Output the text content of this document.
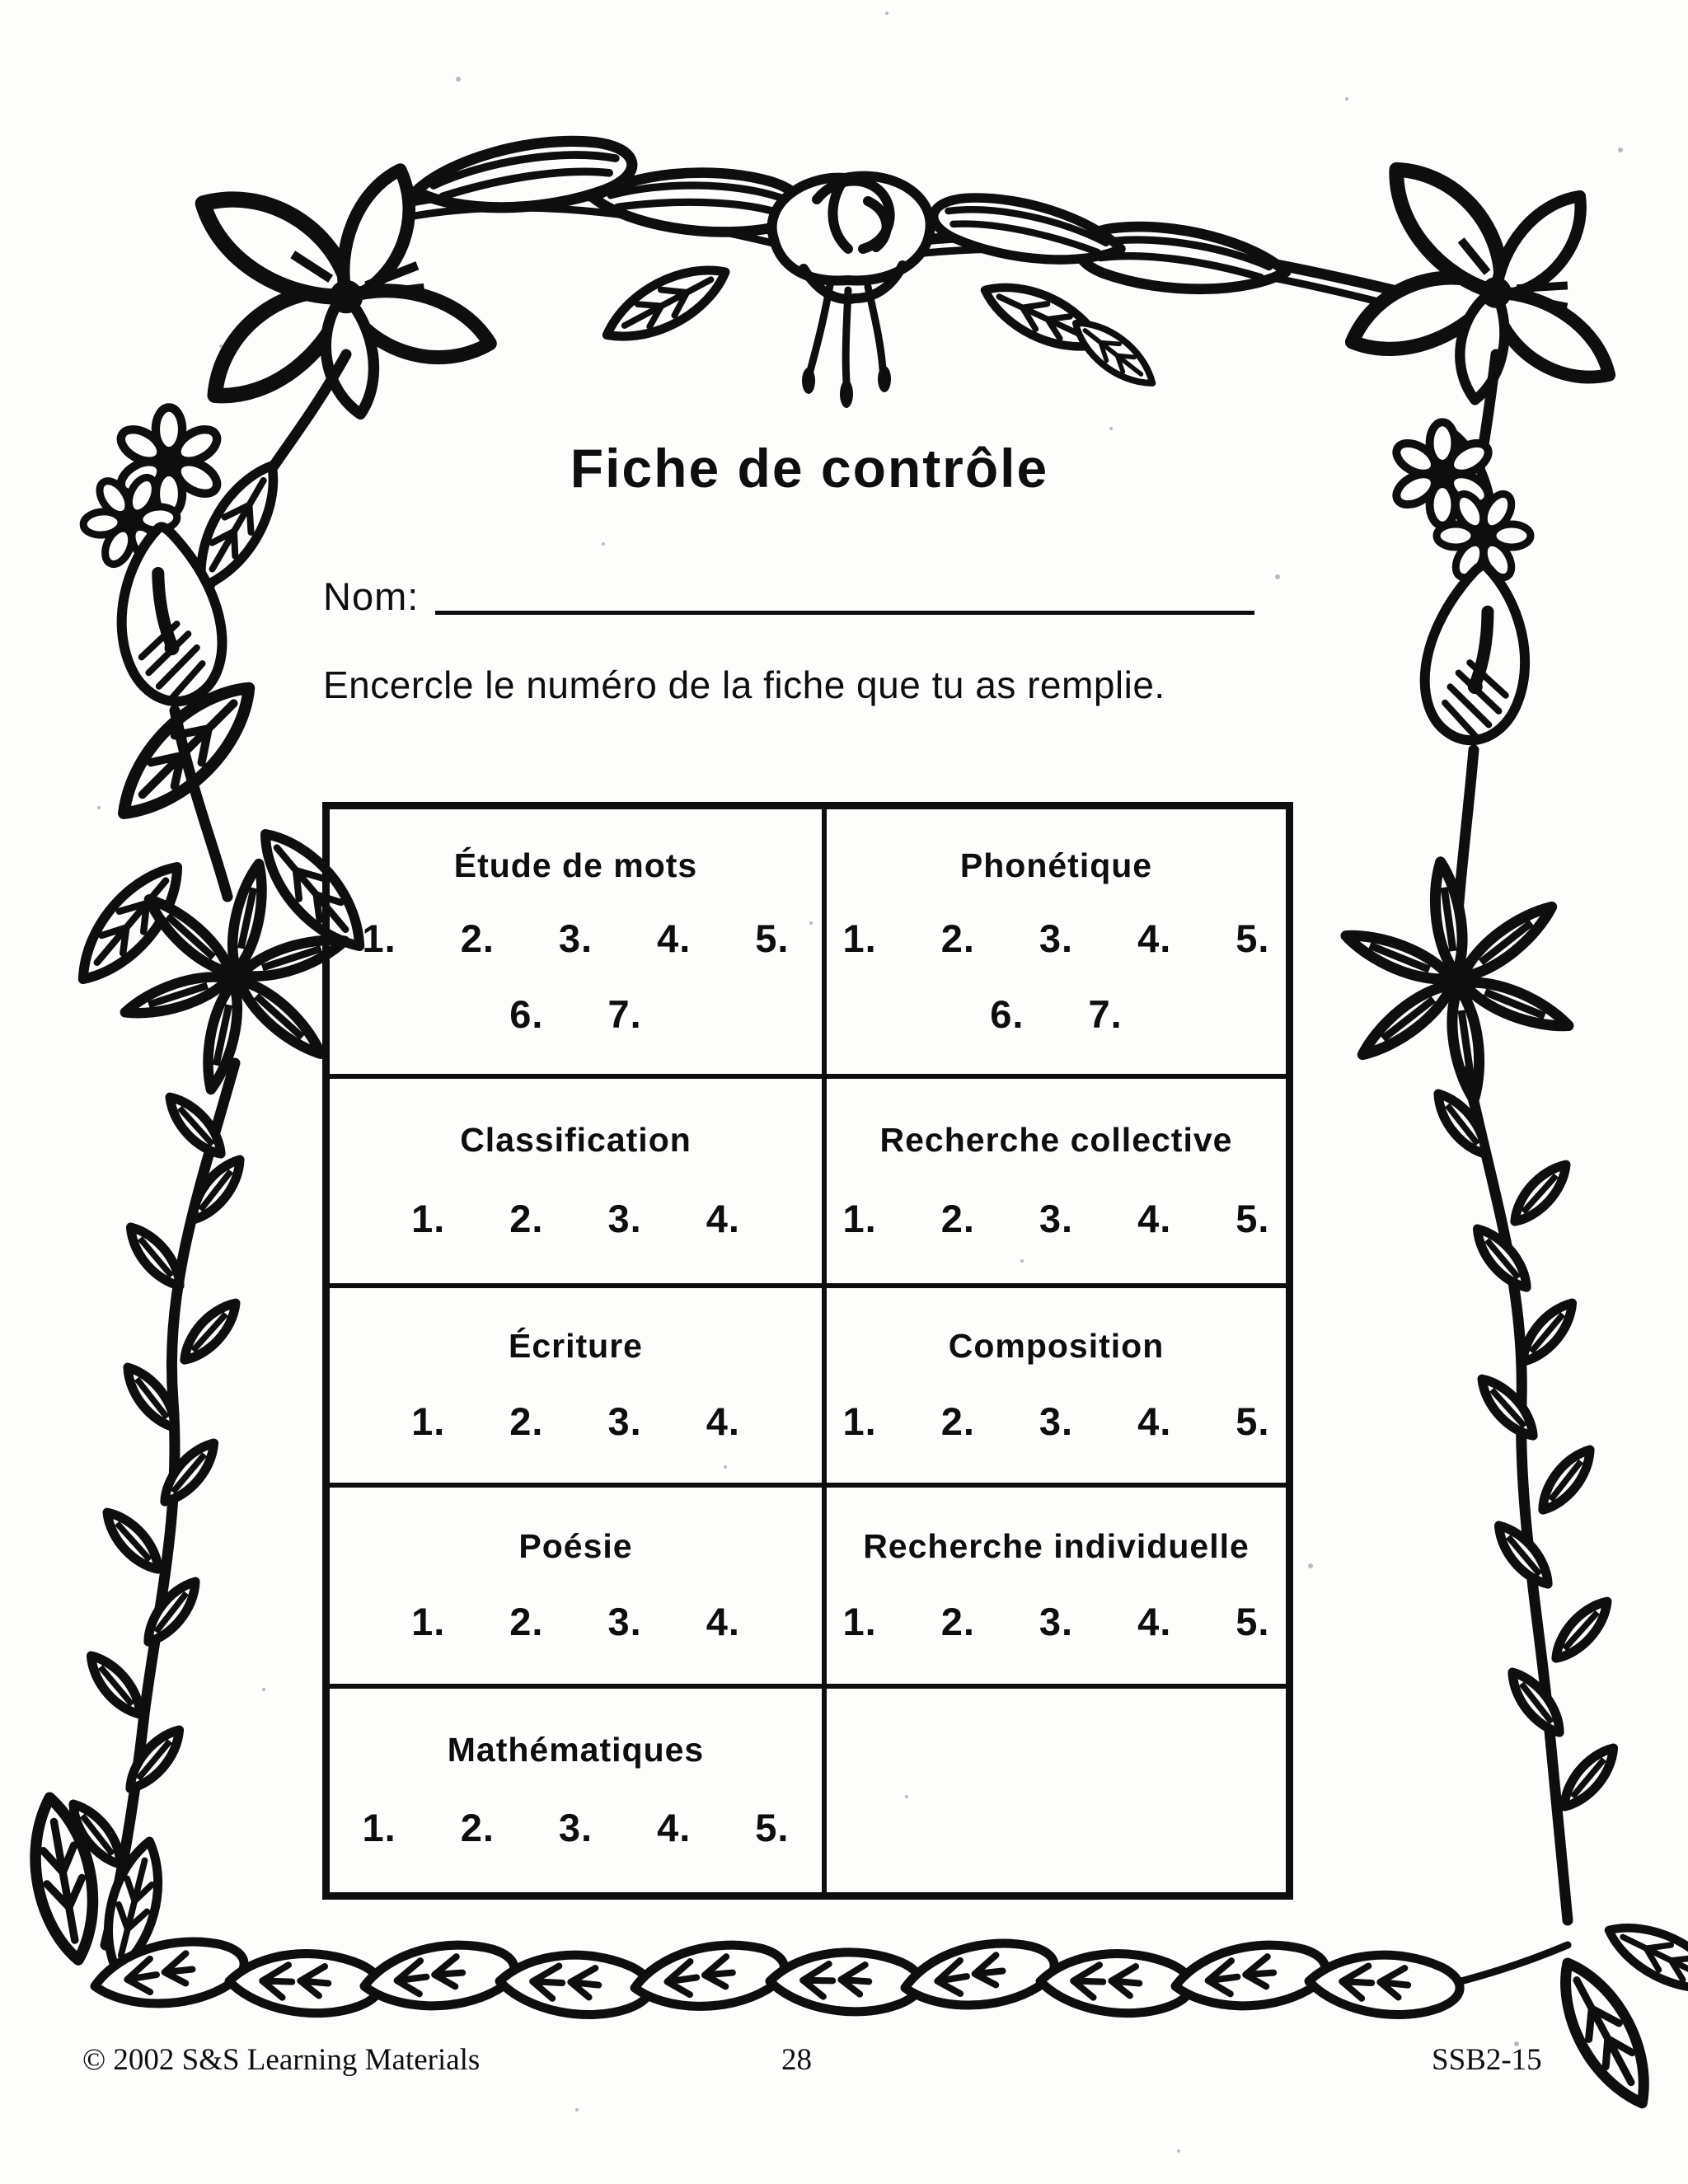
Fiche de contrôle
Nom:
Encercle le numéro de la fiche que tu as remplie.
Étude de mots
1. 2. 3. 4. 5.
6. 7.
Phonétique
1. 2. 3. 4. 5.
6. 7.
Classification
1. 2. 3. 4.
Recherche collective
1. 2. 3. 4. 5.
Écriture
1. 2. 3. 4.
Composition
1. 2. 3. 4. 5.
Poésie
1. 2. 3. 4.
Recherche individuelle
1. 2. 3. 4. 5.
Mathématiques
1. 2. 3. 4. 5.
© 2002 S&S Learning Materials	28	SSB2-15
